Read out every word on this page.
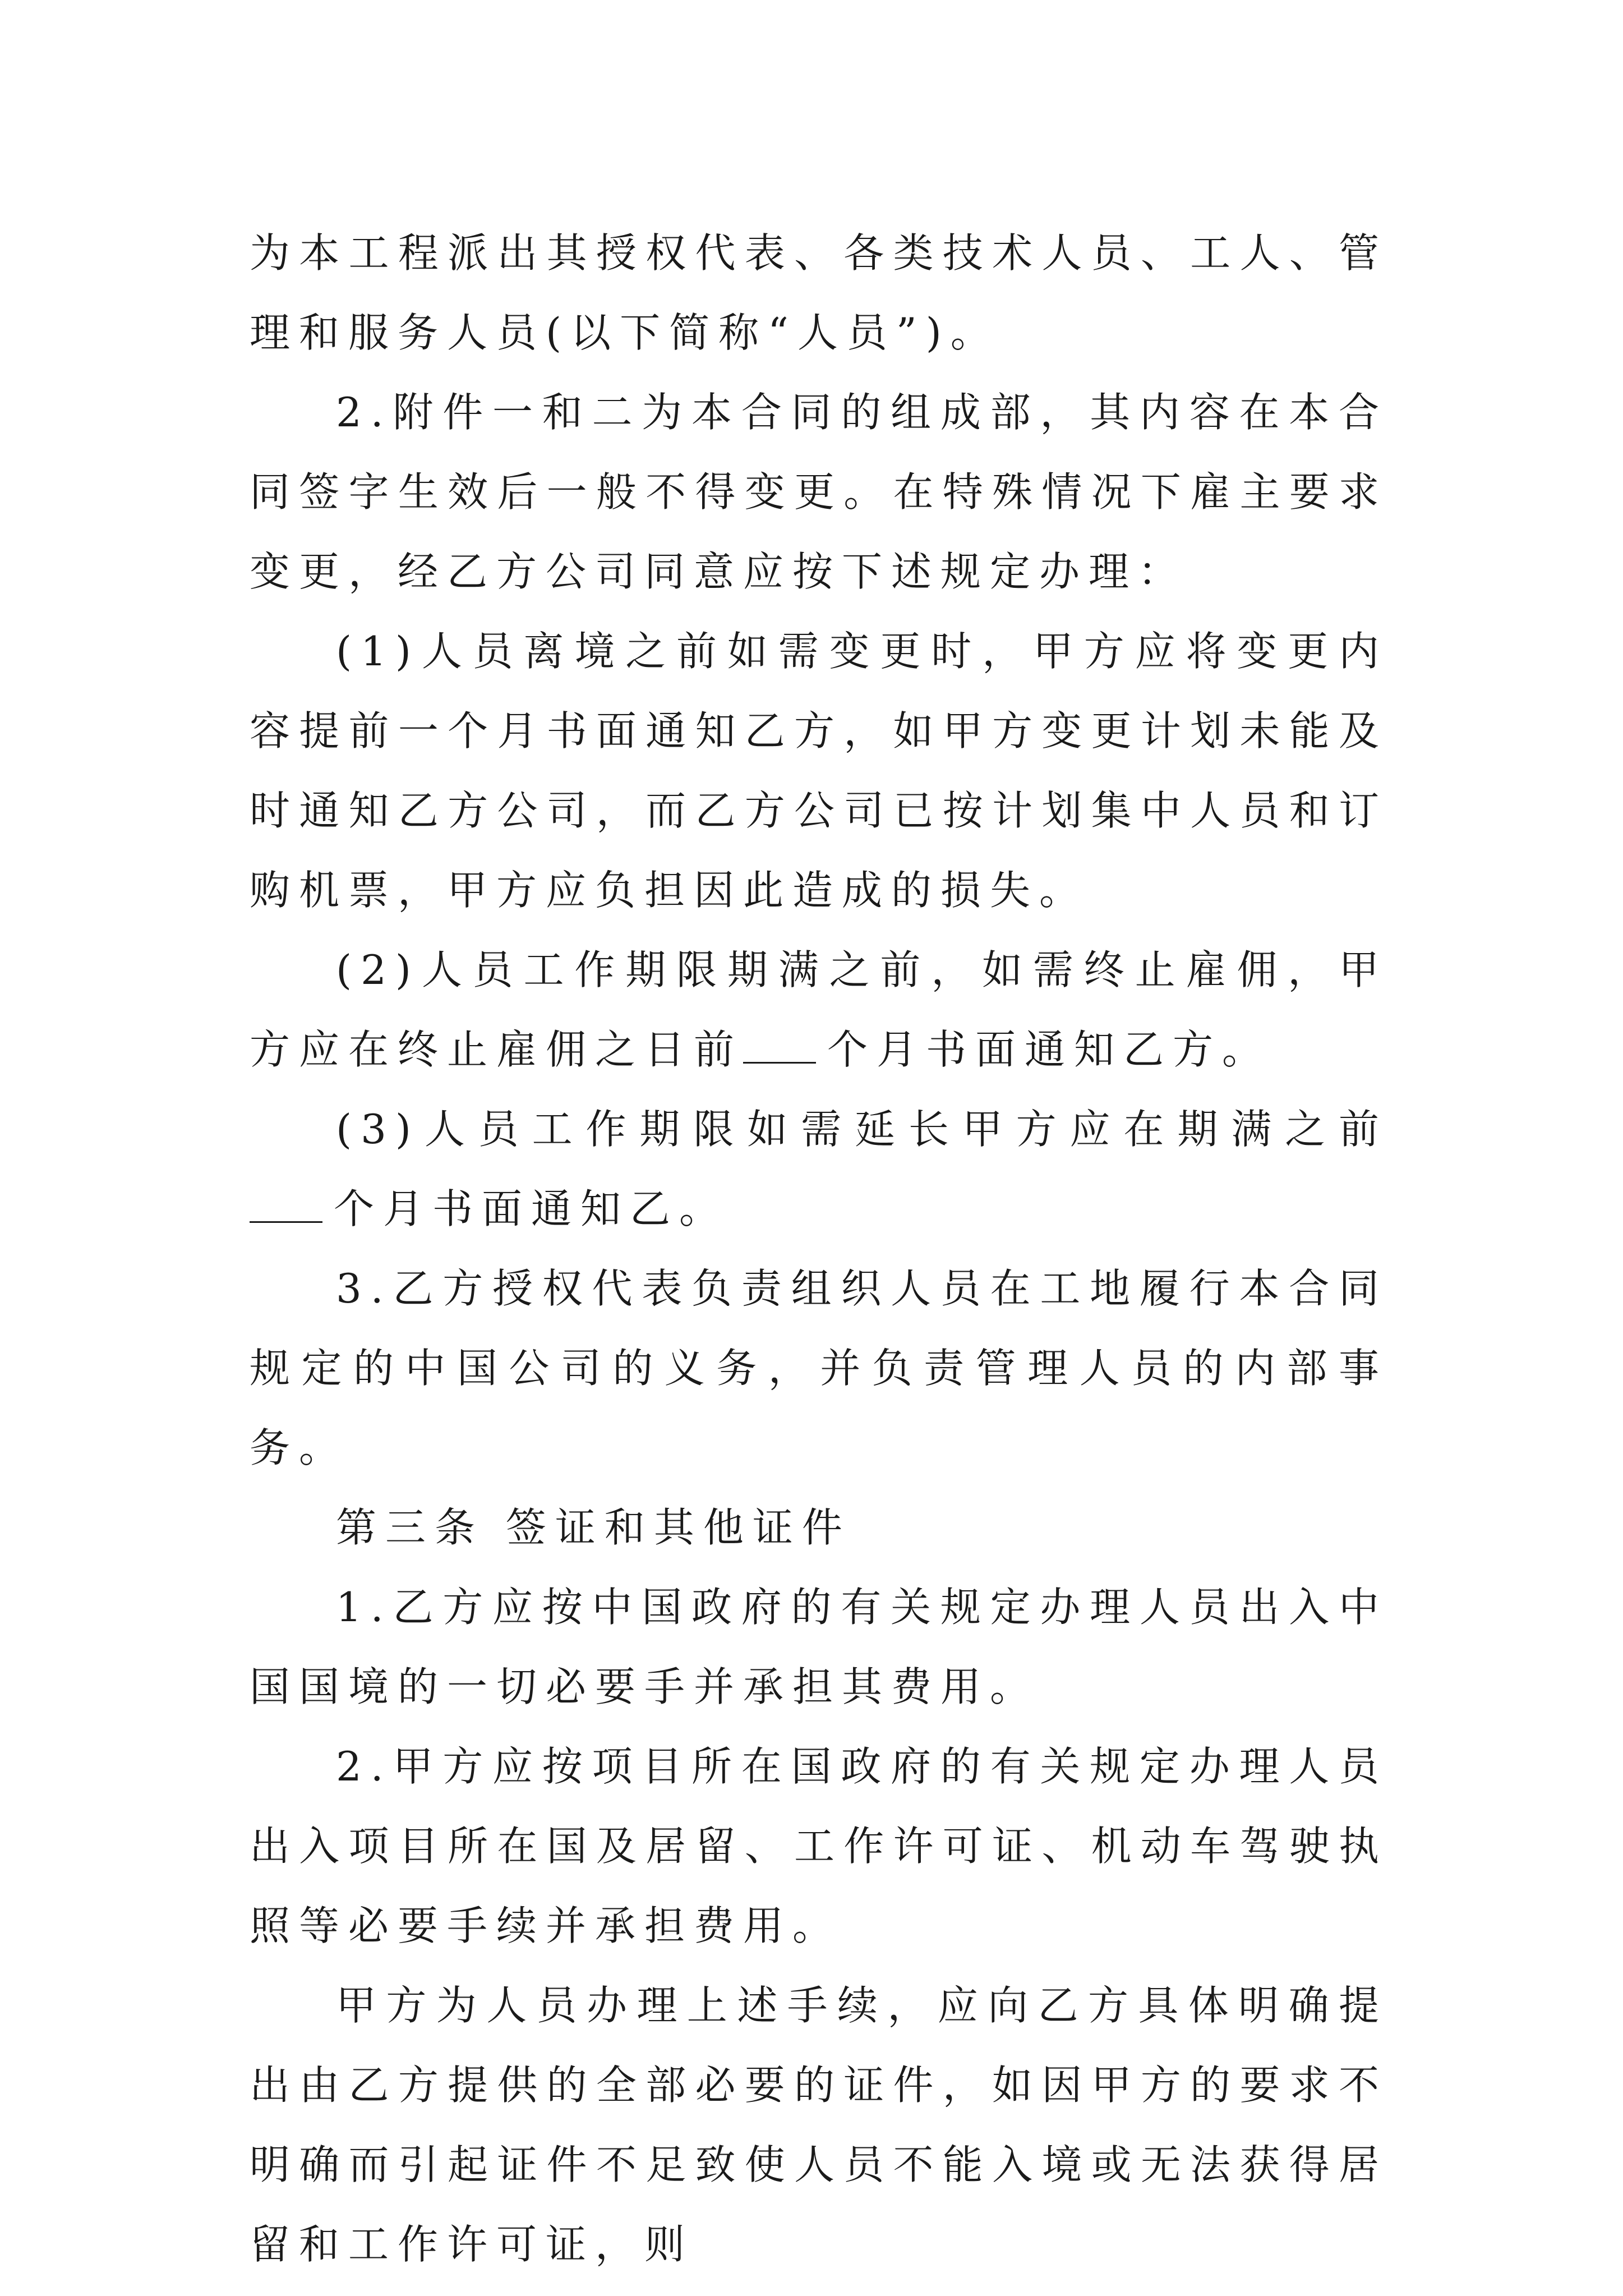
为本工程派出其授权代表、各类技术人员、工人、管理和服务人员(以下简称“人员”)。

2.附件一和二为本合同的组成部，其内容在本合同签字生效后一般不得变更。在特殊情况下雇主要求变更，经乙方公司同意应按下述规定办理：

(1)人员离境之前如需变更时，甲方应将变更内容提前一个月书面通知乙方，如甲方变更计划未能及时通知乙方公司，而乙方公司已按计划集中人员和订购机票，甲方应负担因此造成的损失。

(2)人员工作期限期满之前，如需终止雇佣，甲方应在终止雇佣之日前 个月书面通知乙方。

(3)人员工作期限如需延长甲方应在期满之前个月书面通知乙。

3.乙方授权代表负责组织人员在工地履行本合同规定的中国公司的义务，并负责管理人员的内部事务。

第三条 签证和其他证件

1.乙方应按中国政府的有关规定办理人员出入中国国境的一切必要手并承担其费用。

2.甲方应按项目所在国政府的有关规定办理人员出入项目所在国及居留、工作许可证、机动车驾驶执照等必要手续并承担费用。

甲方为人员办理上述手续，应向乙方具体明确提出由乙方提供的全部必要的证件，如因甲方的要求不明确而引起证件不足致使人员不能入境或无法获得居留和工作许可证，则
